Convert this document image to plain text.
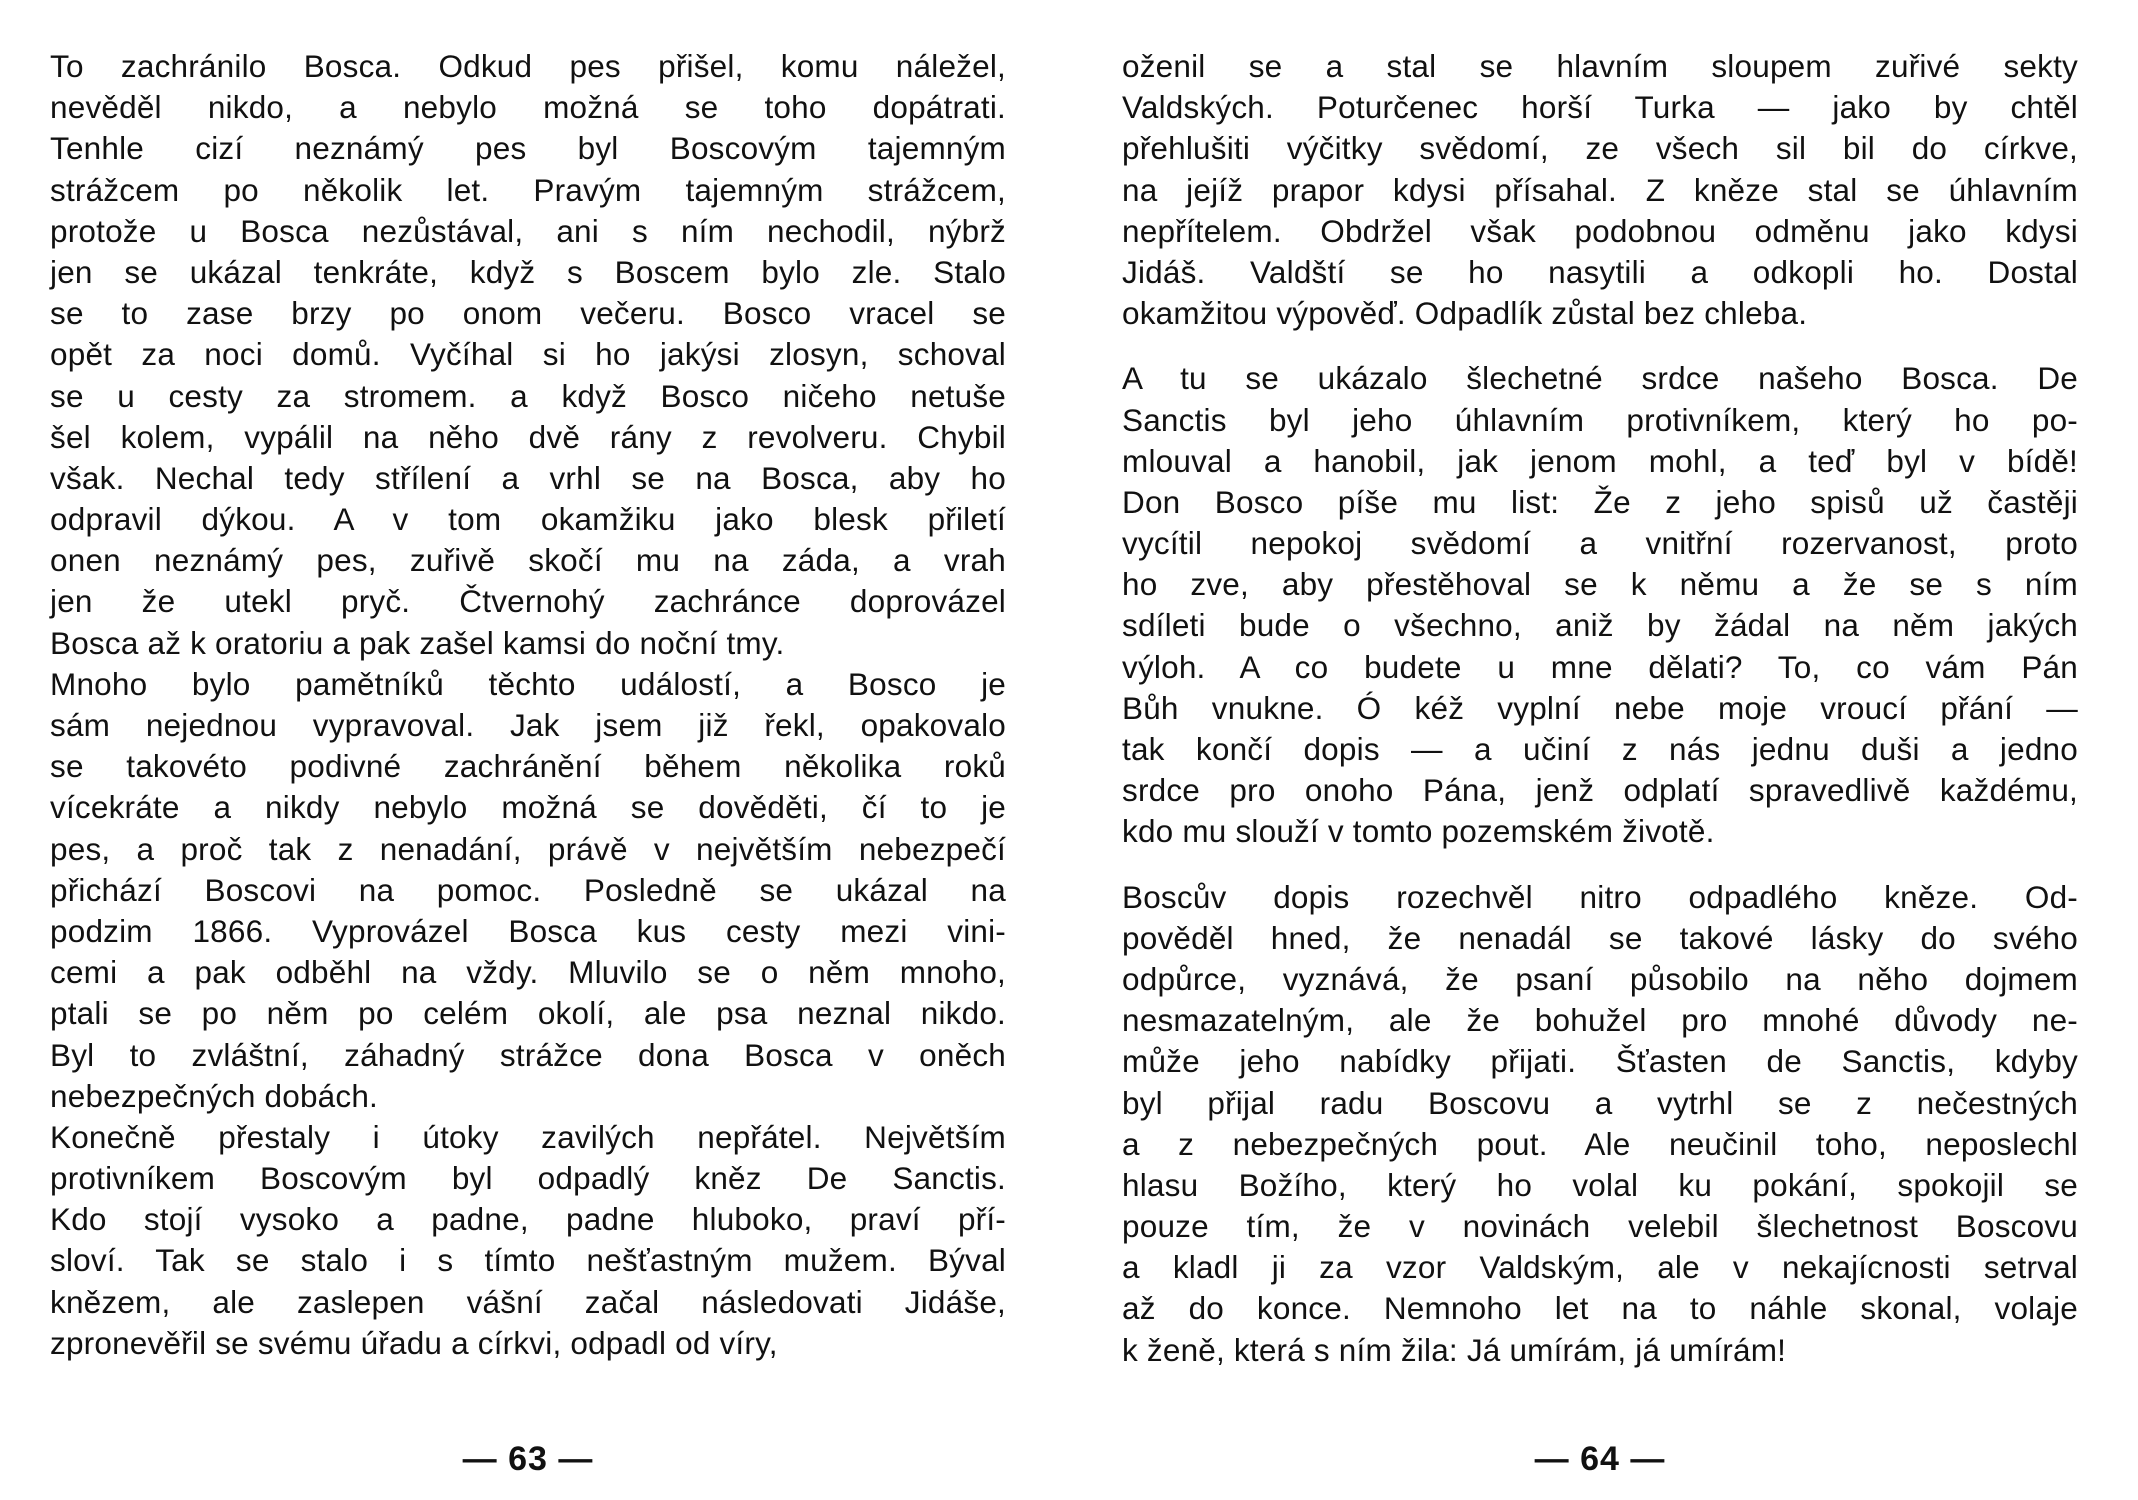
To zachránilo Bosca. Odkud pes přišel, komu náležel,
nevěděl nikdo, a nebylo možná se toho dopátrati.
Tenhle cizí neznámý pes byl Boscovým tajemným
strážcem po několik let. Pravým tajemným strážcem,
protože u Bosca nezůstával, ani s ním nechodil, nýbrž
jen se ukázal tenkráte, když s Boscem bylo zle. Stalo
se to zase brzy po onom večeru. Bosco vracel se
opět za noci domů. Vyčíhal si ho jakýsi zlosyn, schoval
se u cesty za stromem. a když Bosco ničeho netuše
šel kolem, vypálil na něho dvě rány z revolveru. Chybil
však. Nechal tedy střílení a vrhl se na Bosca, aby ho
odpravil dýkou. A v tom okamžiku jako blesk přiletí
onen neznámý pes, zuřivě skočí mu na záda, a vrah
jen že utekl pryč. Čtvernohý zachránce doprovázel
Bosca až k oratoriu a pak zašel kamsi do noční tmy.
Mnoho bylo pamětníků těchto událostí, a Bosco je
sám nejednou vypravoval. Jak jsem již řekl, opakovalo
se takovéto podivné zachránění během několika roků
vícekráte a nikdy nebylo možná se dověděti, čí to je
pes, a proč tak z nenadání, právě v největším nebezpečí
přichází Boscovi na pomoc. Posledně se ukázal na
podzim 1866. Vyprovázel Bosca kus cesty mezi vini-
cemi a pak odběhl na vždy. Mluvilo se o něm mnoho,
ptali se po něm po celém okolí, ale psa neznal nikdo.
Byl to zvláštní, záhadný strážce dona Bosca v oněch
nebezpečných dobách.
Konečně přestaly i útoky zavilých nepřátel. Největším
protivníkem Boscovým byl odpadlý kněz De Sanctis.
Kdo stojí vysoko a padne, padne hluboko, praví pří-
sloví. Tak se stalo i s tímto nešťastným mužem. Býval
knězem, ale zaslepen vášní začal následovati Jidáše,
zpronevěřil se svému úřadu a církvi, odpadl od víry,
— 63 —
oženil se a stal se hlavním sloupem zuřivé sekty
Valdských. Poturčenec horší Turka — jako by chtěl
přehlušiti výčitky svědomí, ze všech sil bil do církve,
na jejíž prapor kdysi přísahal. Z kněze stal se úhlavním
nepřítelem. Obdržel však podobnou odměnu jako kdysi
Jidáš. Valdští se ho nasytili a odkopli ho. Dostal
okamžitou výpověď. Odpadlík zůstal bez chleba.
A tu se ukázalo šlechetné srdce našeho Bosca. De
Sanctis byl jeho úhlavním protivníkem, který ho po-
mlouval a hanobil, jak jenom mohl, a teď byl v bídě!
Don Bosco píše mu list: Že z jeho spisů už častěji
vycítil nepokoj svědomí a vnitřní rozervanost, proto
ho zve, aby přestěhoval se k němu a že se s ním
sdíleti bude o všechno, aniž by žádal na něm jakých
výloh. A co budete u mne dělati? To, co vám Pán
Bůh vnukne. Ó kéž vyplní nebe moje vroucí přání —
tak končí dopis — a učiní z nás jednu duši a jedno
srdce pro onoho Pána, jenž odplatí spravedlivě každému,
kdo mu slouží v tomto pozemském životě.
Boscův dopis rozechvěl nitro odpadlého kněze. Od-
pověděl hned, že nenadál se takové lásky do svého
odpůrce, vyznává, že psaní působilo na něho dojmem
nesmazatelným, ale že bohužel pro mnohé důvody ne-
může jeho nabídky přijati. Šťasten de Sanctis, kdyby
byl přijal radu Boscovu a vytrhl se z nečestných
a z nebezpečných pout. Ale neučinil toho, neposlechl
hlasu Božího, který ho volal ku pokání, spokojil se
pouze tím, že v novinách velebil šlechetnost Boscovu
a kladl ji za vzor Valdským, ale v nekajícnosti setrval
až do konce. Nemnoho let na to náhle skonal, volaje
k ženě, která s ním žila: Já umírám, já umírám!
— 64 —
